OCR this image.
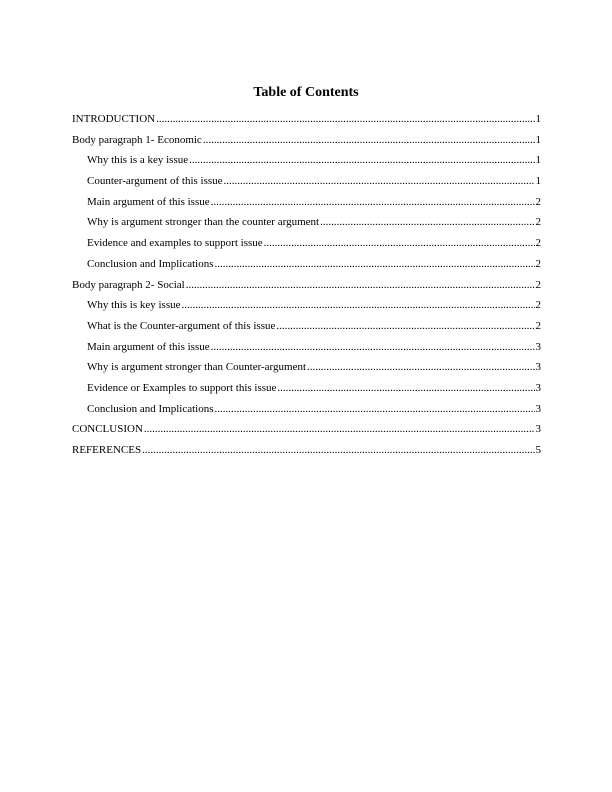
Table of Contents
INTRODUCTION .....	1
Body paragraph 1- Economic .....	1
Why this is a key issue .....	1
Counter-argument of this issue .....	1
Main argument of this issue .....	2
Why is argument stronger than the counter argument .....	2
Evidence and examples to support issue .....	2
Conclusion and Implications .....	2
Body paragraph 2- Social .....	2
Why this is key issue .....	2
What is the Counter-argument of this issue .....	2
Main argument of this issue .....	3
Why is argument stronger than Counter-argument .....	3
Evidence or Examples to support this issue .....	3
Conclusion and Implications .....	3
CONCLUSION .....	3
REFERENCES .....	5
